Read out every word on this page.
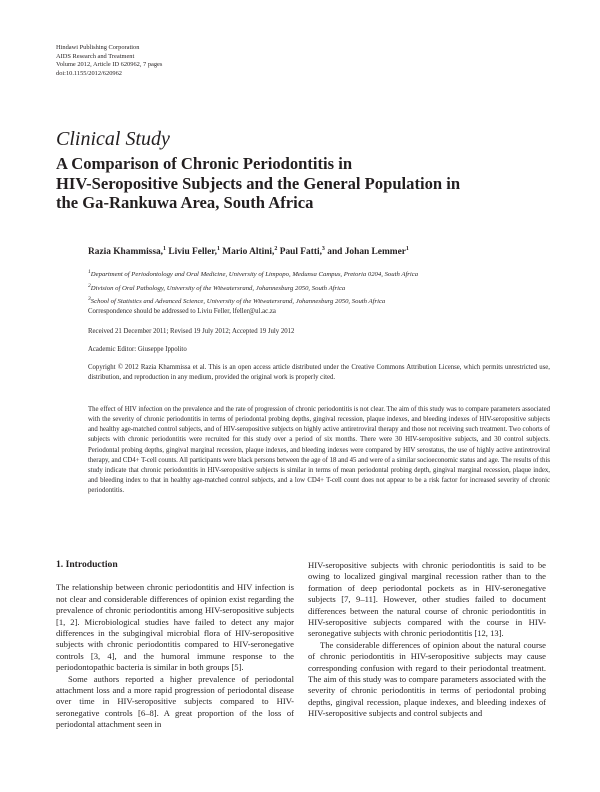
Hindawi Publishing Corporation
AIDS Research and Treatment
Volume 2012, Article ID 620962, 7 pages
doi:10.1155/2012/620962
Clinical Study
A Comparison of Chronic Periodontitis in
HIV-Seropositive Subjects and the General Population in
the Ga-Rankuwa Area, South Africa
Razia Khammissa,$^1$ Liviu Feller,$^1$ Mario Altini,$^2$ Paul Fatti,$^3$ and Johan Lemmer$^1$
$^1$Department of Periodontology and Oral Medicine, University of Limpopo, Medunsa Campus, Pretoria 0204, South Africa
$^2$Division of Oral Pathology, University of the Witwatersrand, Johannesburg 2050, South Africa
$^3$School of Statistics and Advanced Science, University of the Witwatersrand, Johannesburg 2050, South Africa
Correspondence should be addressed to Liviu Feller, lfeller@ul.ac.za
Received 21 December 2011; Revised 19 July 2012; Accepted 19 July 2012
Academic Editor: Giuseppe Ippolito
Copyright © 2012 Razia Khammissa et al. This is an open access article distributed under the Creative Commons Attribution License, which permits unrestricted use, distribution, and reproduction in any medium, provided the original work is properly cited.
The effect of HIV infection on the prevalence and the rate of progression of chronic periodontitis is not clear. The aim of this study was to compare parameters associated with the severity of chronic periodontitis in terms of periodontal probing depths, gingival recession, plaque indexes, and bleeding indexes of HIV-seropositive subjects and healthy age-matched control subjects, and of HIV-seropositive subjects on highly active antiretroviral therapy and those not receiving such treatment. Two cohorts of subjects with chronic periodontitis were recruited for this study over a period of six months. There were 30 HIV-seropositive subjects, and 30 control subjects. Periodontal probing depths, gingival marginal recession, plaque indexes, and bleeding indexes were compared by HIV serostatus, the use of highly active antiretroviral therapy, and CD4+ T-cell counts. All participants were black persons between the age of 18 and 45 and were of a similar socioeconomic status and age. The results of this study indicate that chronic periodontitis in HIV-seropositive subjects is similar in terms of mean periodontal probing depth, gingival marginal recession, plaque index, and bleeding index to that in healthy age-matched control subjects, and a low CD4+ T-cell count does not appear to be a risk factor for increased severity of chronic periodontitis.
1. Introduction

The relationship between chronic periodontitis and HIV infection is not clear and considerable differences of opinion exist regarding the prevalence of chronic periodontitis among HIV-seropositive subjects [1, 2]. Microbiological studies have failed to detect any major differences in the subgingival microbial flora of HIV-seropositive subjects with chronic periodontitis compared to HIV-seronegative controls [3, 4], and the humoral immune response to the periodontopathic bacteria is similar in both groups [5].

Some authors reported a higher prevalence of periodontal attachment loss and a more rapid progression of periodontal disease over time in HIV-seropositive subjects compared to HIV-seronegative controls [6–8]. A great proportion of the loss of periodontal attachment seen in

HIV-seropositive subjects with chronic periodontitis is said to be owing to localized gingival marginal recession rather than to the formation of deep periodontal pockets as in HIV-seronegative subjects [7, 9–11]. However, other studies failed to document differences between the natural course of chronic periodontitis in HIV-seropositive subjects compared with the course in HIV-seronegative subjects with chronic periodontitis [12, 13].

The considerable differences of opinion about the natural course of chronic periodontitis in HIV-seropositive subjects may cause corresponding confusion with regard to their periodontal treatment. The aim of this study was to compare parameters associated with the severity of chronic periodontitis in terms of periodontal probing depths, gingival recession, plaque indexes, and bleeding indexes of HIV-seropositive subjects and control subjects and
